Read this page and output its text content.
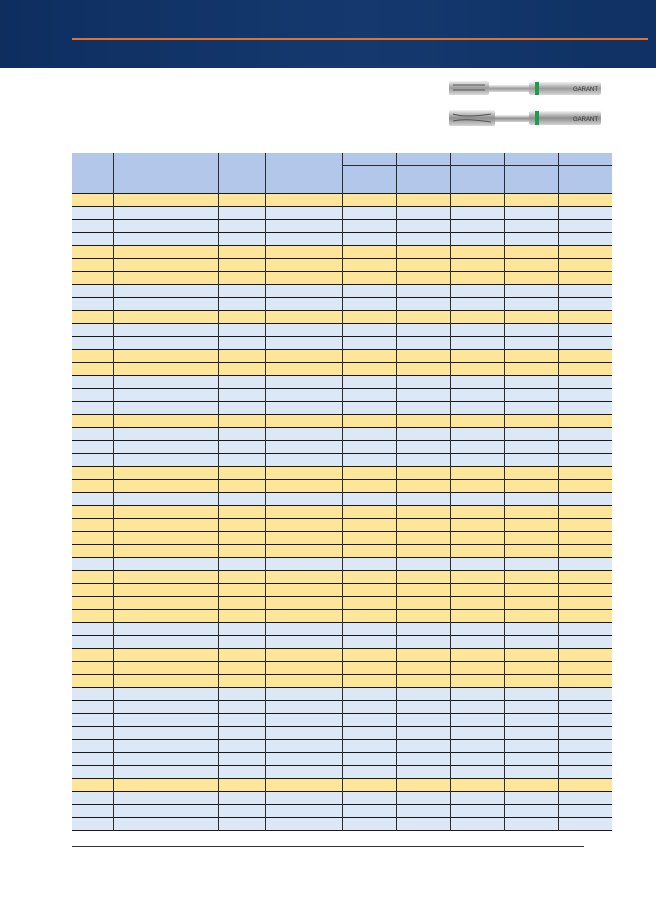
GARANT
GARANT
